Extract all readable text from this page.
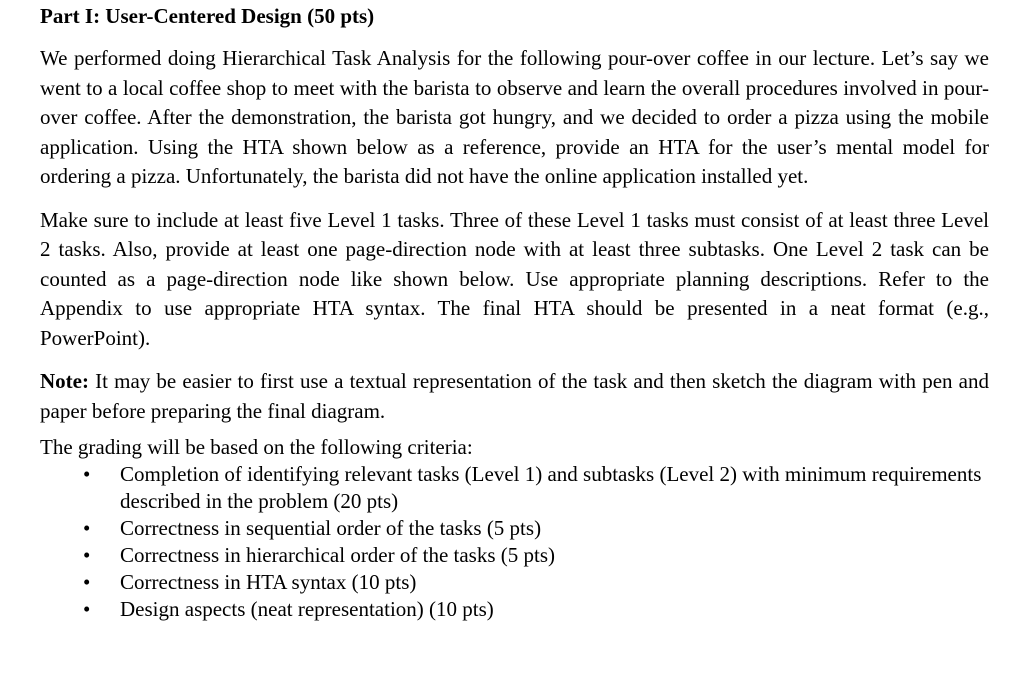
Part I: User-Centered Design (50 pts)

We performed doing Hierarchical Task Analysis for the following pour-over coffee in our lecture. Let’s say we went to a local coffee shop to meet with the barista to observe and learn the overall procedures involved in pour-over coffee. After the demonstration, the barista got hungry, and we decided to order a pizza using the mobile application. Using the HTA shown below as a reference, provide an HTA for the user’s mental model for ordering a pizza. Unfortunately, the barista did not have the online application installed yet.

Make sure to include at least five Level 1 tasks. Three of these Level 1 tasks must consist of at least three Level 2 tasks. Also, provide at least one page-direction node with at least three subtasks. One Level 2 task can be counted as a page-direction node like shown below. Use appropriate planning descriptions. Refer to the Appendix to use appropriate HTA syntax. The final HTA should be presented in a neat format (e.g., PowerPoint).

Note: It may be easier to first use a textual representation of the task and then sketch the diagram with pen and paper before preparing the final diagram.

The grading will be based on the following criteria:

• Completion of identifying relevant tasks (Level 1) and subtasks (Level 2) with minimum requirements described in the problem (20 pts)
• Correctness in sequential order of the tasks (5 pts)
• Correctness in hierarchical order of the tasks (5 pts)
• Correctness in HTA syntax (10 pts)
• Design aspects (neat representation) (10 pts)
